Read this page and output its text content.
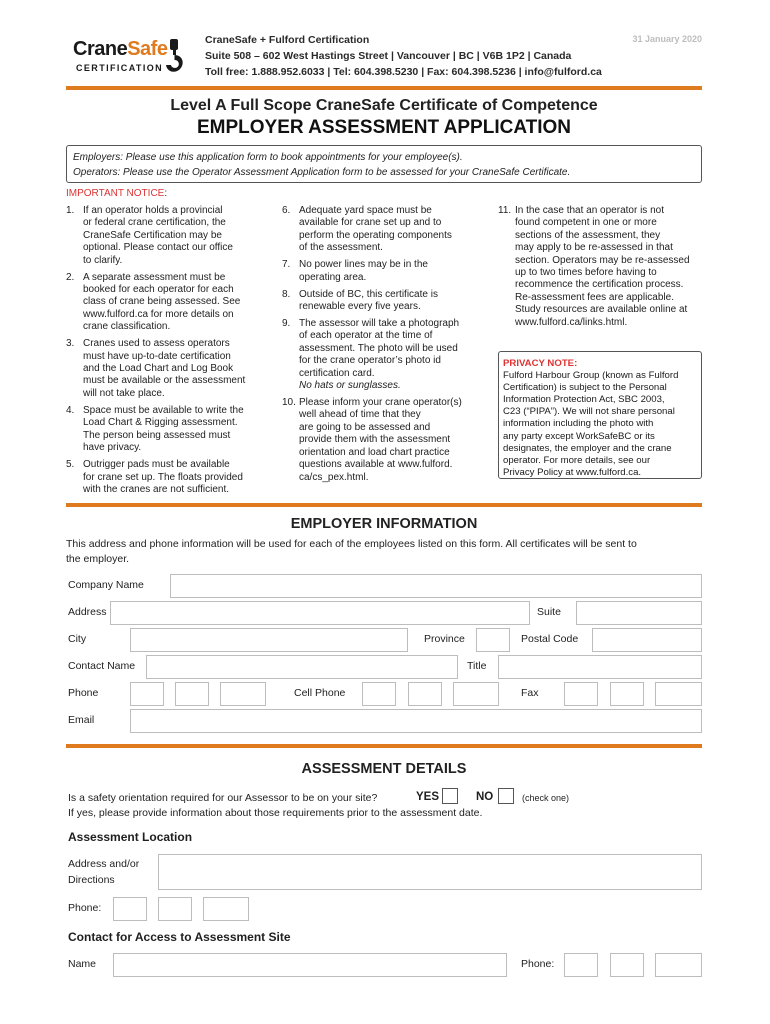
CraneSafe
CERTIFICATION
CraneSafe + Fulford Certification
Suite 508 – 602 West Hastings Street | Vancouver | BC | V6B 1P2 | Canada
Toll free: 1.888.952.6033 | Tel: 604.398.5230 | Fax: 604.398.5236 | info@fulford.ca
31 January 2020
Level A Full Scope CraneSafe Certificate of Competence
EMPLOYER ASSESSMENT APPLICATION
Employers: Please use this application form to book appointments for your employee(s).
Operators: Please use the Operator Assessment Application form to be assessed for your CraneSafe Certificate.
IMPORTANT NOTICE:
1. If an operator holds a provincial
or federal crane certification, the
CraneSafe Certification may be
optional. Please contact our office
to clarify.
2. A separate assessment must be
booked for each operator for each
class of crane being assessed. See
www.fulford.ca for more details on
crane classification.
3. Cranes used to assess operators
must have up-to-date certification
and the Load Chart and Log Book
must be available or the assessment
will not take place.
4. Space must be available to write the
Load Chart & Rigging assessment.
The person being assessed must
have privacy.
5. Outrigger pads must be available
for crane set up. The floats provided
with the cranes are not sufficient.
6. Adequate yard space must be
available for crane set up and to
perform the operating components
of the assessment.
7. No power lines may be in the
operating area.
8. Outside of BC, this certificate is
renewable every five years.
9. The assessor will take a photograph
of each operator at the time of
assessment. The photo will be used
for the crane operator’s photo id
certification card.
No hats or sunglasses.
10. Please inform your crane operator(s)
well ahead of time that they
are going to be assessed and
provide them with the assessment
orientation and load chart practice
questions available at www.fulford.
ca/cs_pex.html.
11. In the case that an operator is not
found competent in one or more
sections of the assessment, they
may apply to be re-assessed in that
section. Operators may be re-assessed
up to two times before having to
recommence the certification process.
Re-assessment fees are applicable.
Study resources are available online at
www.fulford.ca/links.html.
PRIVACY NOTE:
Fulford Harbour Group (known as Fulford
Certification) is subject to the Personal
Information Protection Act, SBC 2003,
C23 (“PIPA”). We will not share personal
information including the photo with
any party except WorkSafeBC or its
designates, the employer and the crane
operator. For more details, see our
Privacy Policy at www.fulford.ca.
EMPLOYER INFORMATION
This address and phone information will be used for each of the employees listed on this form. All certificates will be sent to
the employer.
Company Name
Address	Suite
City	Province	Postal Code
Contact Name	Title
Phone	Cell Phone	Fax
Email
ASSESSMENT DETAILS
Is a safety orientation required for our Assessor to be on your site?	YES	NO	(check one)
If yes, please provide information about those requirements prior to the assessment date.
Assessment Location
Address and/or
Directions
Phone:
Contact for Access to Assessment Site
Name	Phone:
